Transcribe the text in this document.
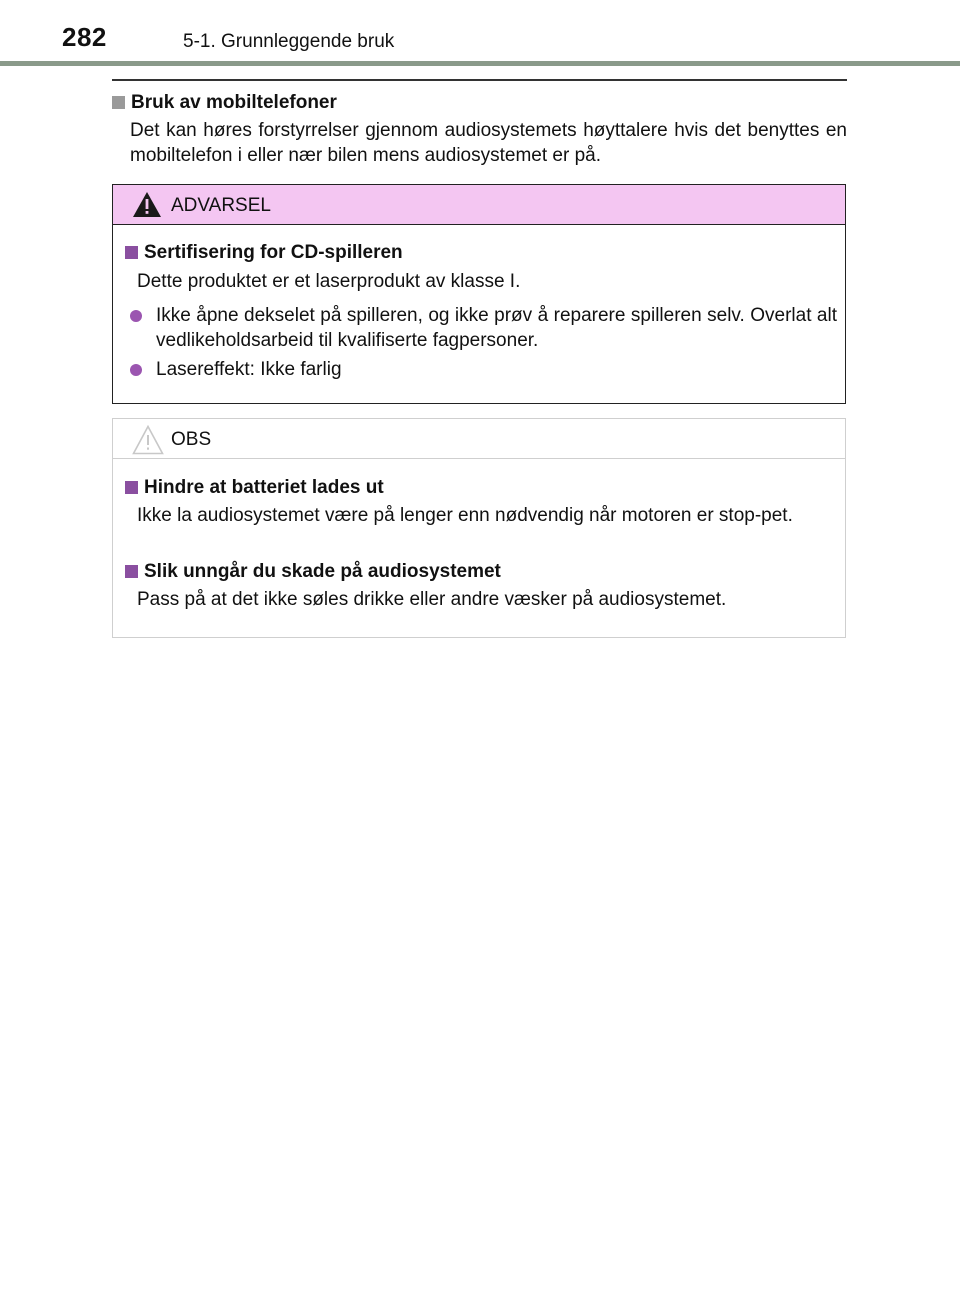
282	5-1. Grunnleggende bruk
Bruk av mobiltelefoner
Det kan høres forstyrrelser gjennom audiosystemets høyttalere hvis det benyttes en mobiltelefon i eller nær bilen mens audiosystemet er på.
ADVARSEL
Sertifisering for CD-spilleren
Dette produktet er et laserprodukt av klasse I.
Ikke åpne dekselet på spilleren, og ikke prøv å reparere spilleren selv. Overlat alt vedlikeholdsarbeid til kvalifiserte fagpersoner.
Lasereffekt: Ikke farlig
OBS
Hindre at batteriet lades ut
Ikke la audiosystemet være på lenger enn nødvendig når motoren er stop-pet.
Slik unngår du skade på audiosystemet
Pass på at det ikke søles drikke eller andre væsker på audiosystemet.
